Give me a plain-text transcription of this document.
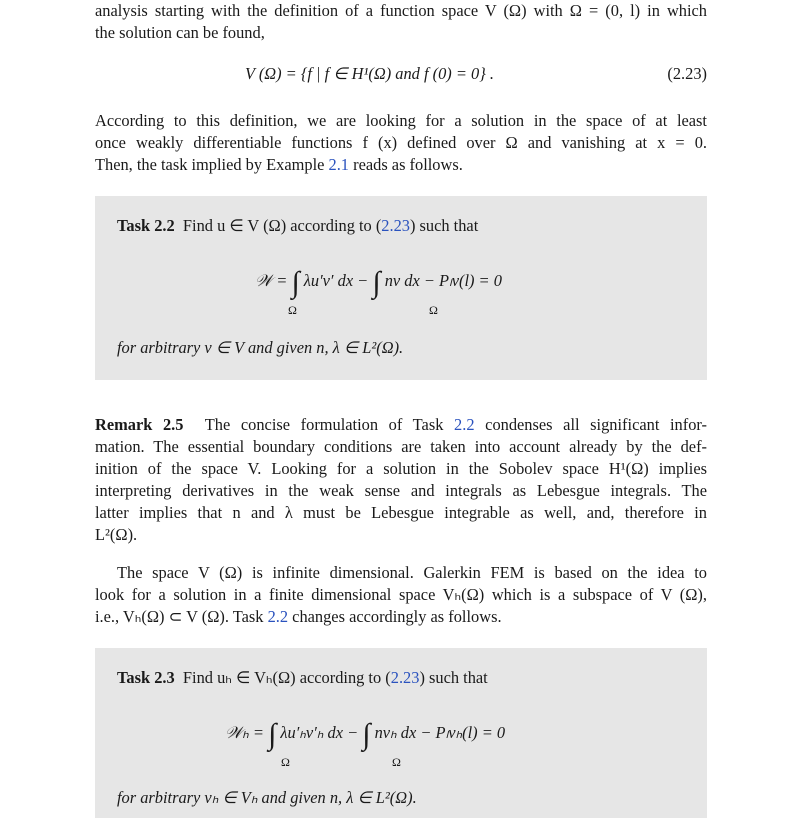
analysis starting with the definition of a function space V (Ω) with Ω = (0, l) in which
the solution can be found,
V (Ω) = {f | f ∈ H¹(Ω) and f (0) = 0} .	(2.23)
According to this definition, we are looking for a solution in the space of at least
once weakly differentiable functions f (x) defined over Ω and vanishing at x = 0.
Then, the task implied by Example 2.1 reads as follows.
Task 2.2 Find u ∈ V (Ω) according to (2.23) such that
𝒲 = ∫ λu′v′ dx − ∫ nv dx − Pₗv(l) = 0
Ω	Ω
for arbitrary v ∈ V and given n, λ ∈ L²(Ω).
Remark 2.5 The concise formulation of Task 2.2 condenses all significant infor-
mation. The essential boundary conditions are taken into account already by the def-
inition of the space V. Looking for a solution in the Sobolev space H¹(Ω) implies
interpreting derivatives in the weak sense and integrals as Lebesgue integrals. The
latter implies that n and λ must be Lebesgue integrable as well, and, therefore in
L²(Ω).
The space V (Ω) is infinite dimensional. Galerkin FEM is based on the idea to
look for a solution in a finite dimensional space Vₕ(Ω) which is a subspace of V (Ω),
i.e., Vₕ(Ω) ⊂ V (Ω). Task 2.2 changes accordingly as follows.
Task 2.3 Find uₕ ∈ Vₕ(Ω) according to (2.23) such that
𝒲ₕ = ∫ λu′ₕv′ₕ dx − ∫ nvₕ dx − Pₗvₕ(l) = 0
Ω	Ω
for arbitrary vₕ ∈ Vₕ and given n, λ ∈ L²(Ω).
